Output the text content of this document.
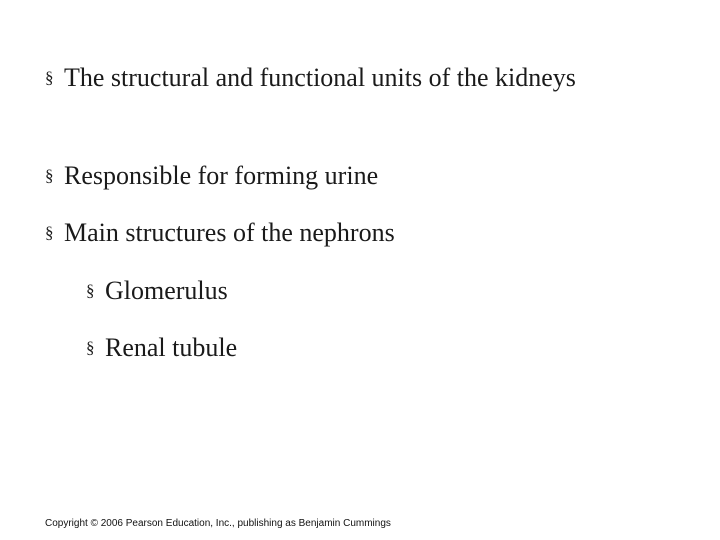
§ The structural and functional units of the kidneys
§ Responsible for forming urine
§ Main structures of the nephrons
§ Glomerulus
§ Renal tubule
Copyright © 2006 Pearson Education, Inc., publishing as Benjamin Cummings
